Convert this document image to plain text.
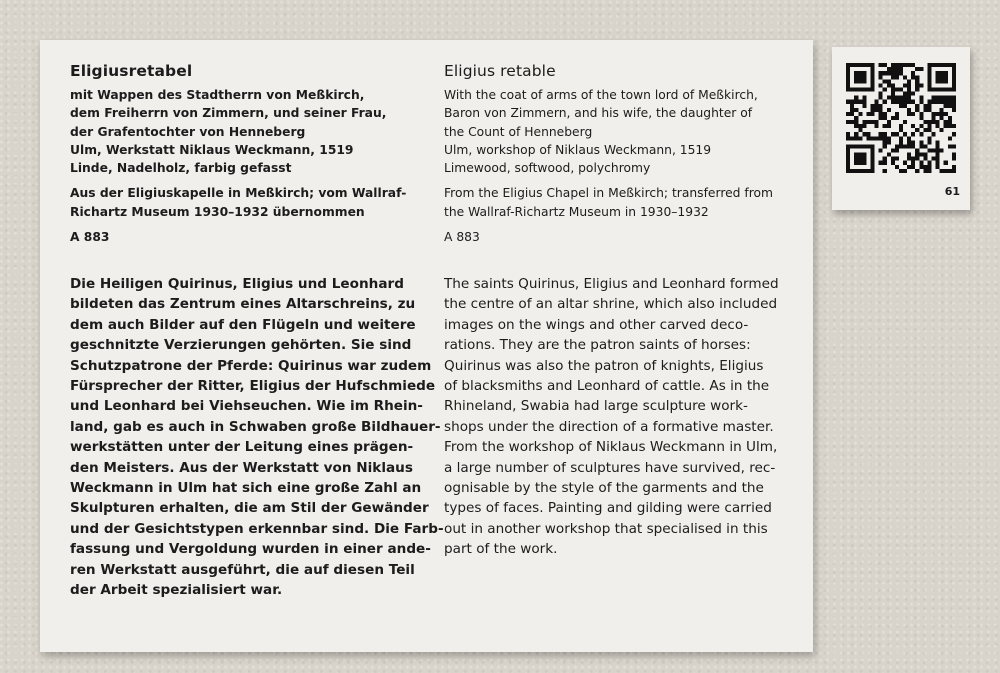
Eligiusretabel
mit Wappen des Stadtherrn von Meßkirch,
dem Freiherrn von Zimmern, und seiner Frau,
der Grafentochter von Henneberg
Ulm, Werkstatt Niklaus Weckmann, 1519
Linde, Nadelholz, farbig gefasst
Aus der Eligiuskapelle in Meßkirch; vom Wallraf-
Richartz Museum 1930–1932 übernommen
A 883
Eligius retable
With the coat of arms of the town lord of Meßkirch,
Baron von Zimmern, and his wife, the daughter of
the Count of Henneberg
Ulm, workshop of Niklaus Weckmann, 1519
Limewood, softwood, polychromy
From the Eligius Chapel in Meßkirch; transferred from
the Wallraf-Richartz Museum in 1930–1932
A 883
Die Heiligen Quirinus, Eligius und Leonhard
bildeten das Zentrum eines Altarschreins, zu
dem auch Bilder auf den Flügeln und weitere
geschnitzte Verzierungen gehörten. Sie sind
Schutzpatrone der Pferde: Quirinus war zudem
Fürsprecher der Ritter, Eligius der Hufschmiede
und Leonhard bei Viehseuchen. Wie im Rhein-
land, gab es auch in Schwaben große Bildhauer-
werkstätten unter der Leitung eines prägen-
den Meisters. Aus der Werkstatt von Niklaus
Weckmann in Ulm hat sich eine große Zahl an
Skulpturen erhalten, die am Stil der Gewänder
und der Gesichtstypen erkennbar sind. Die Farb-
fassung und Vergoldung wurden in einer ande-
ren Werkstatt ausgeführt, die auf diesen Teil
der Arbeit spezialisiert war.
The saints Quirinus, Eligius and Leonhard formed
the centre of an altar shrine, which also included
images on the wings and other carved deco-
rations. They are the patron saints of horses:
Quirinus was also the patron of knights, Eligius
of blacksmiths and Leonhard of cattle. As in the
Rhineland, Swabia had large sculpture work-
shops under the direction of a formative master.
From the workshop of Niklaus Weckmann in Ulm,
a large number of sculptures have survived, rec-
ognisable by the style of the garments and the
types of faces. Painting and gilding were carried
out in another workshop that specialised in this
part of the work.
61
